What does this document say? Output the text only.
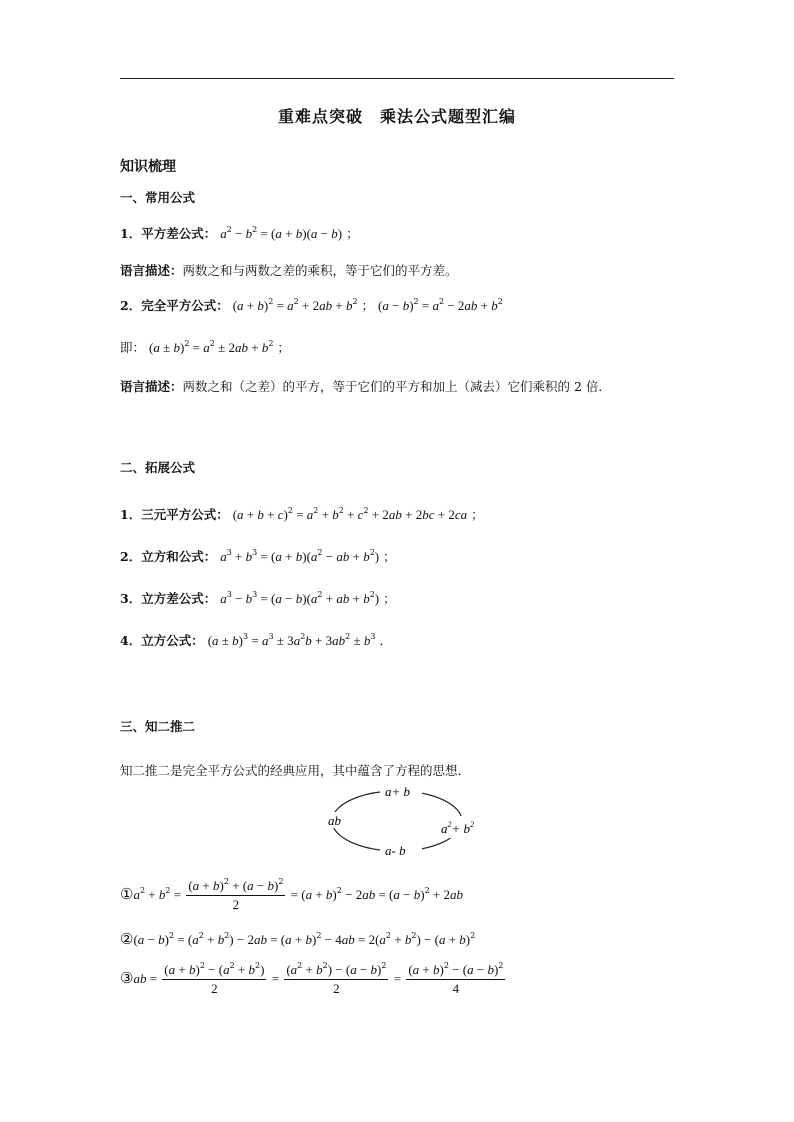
重难点突破　乘法公式题型汇编
知识梳理
一、常用公式
1．平方差公式： $a^2 - b^2 = (a + b)(a - b)$ ；
语言描述：两数之和与两数之差的乘积，等于它们的平方差。
2．完全平方公式： $(a + b)^2 = a^2 + 2ab + b^2$ ； $(a - b)^2 = a^2 - 2ab + b^2$
即： $(a \pm b)^2 = a^2 \pm 2ab + b^2$ ；
语言描述：两数之和（之差）的平方，等于它们的平方和加上（减去）它们乘积的 2 倍．
二、拓展公式
1．三元平方公式： $(a + b + c)^2 = a^2 + b^2 + c^2 + 2ab + 2bc + 2ca$ ；
2．立方和公式： $a^3 + b^3 = (a + b)(a^2$ − ab + $b^2$) ；
3．立方差公式： $a^3 - b^3 = (a - b)(a^2$ + ab + $b^2$) ；
4．立方公式： $(a \pm b)^3 = a^3 \pm 3a^2b + 3ab^2 \pm b^3$ ．
三、知二推二
知二推二是完全平方公式的经典应用，其中蕴含了方程的思想．
a+ b
ab
a- b
$a^2+ b^2$
$①a^2 + b^2 = \frac{(a + b)^2 + (a - b)^2}{2} = (a + b)^2 - 2ab = (a - b)^2 + 2ab$
②(a − $b)^2 = (a^2 + b^2) - 2ab = (a + b)^2 - 4ab = 2(a^2 + b^2) - (a + b)^2$
③ab = $\frac{(a + b)^2 - (a^2 + b^2)}{2} = \frac{(a^2 + b^2) - (a - b)^2}{2} = \frac{(a + b)^2 - (a - b)^2}{4}$
